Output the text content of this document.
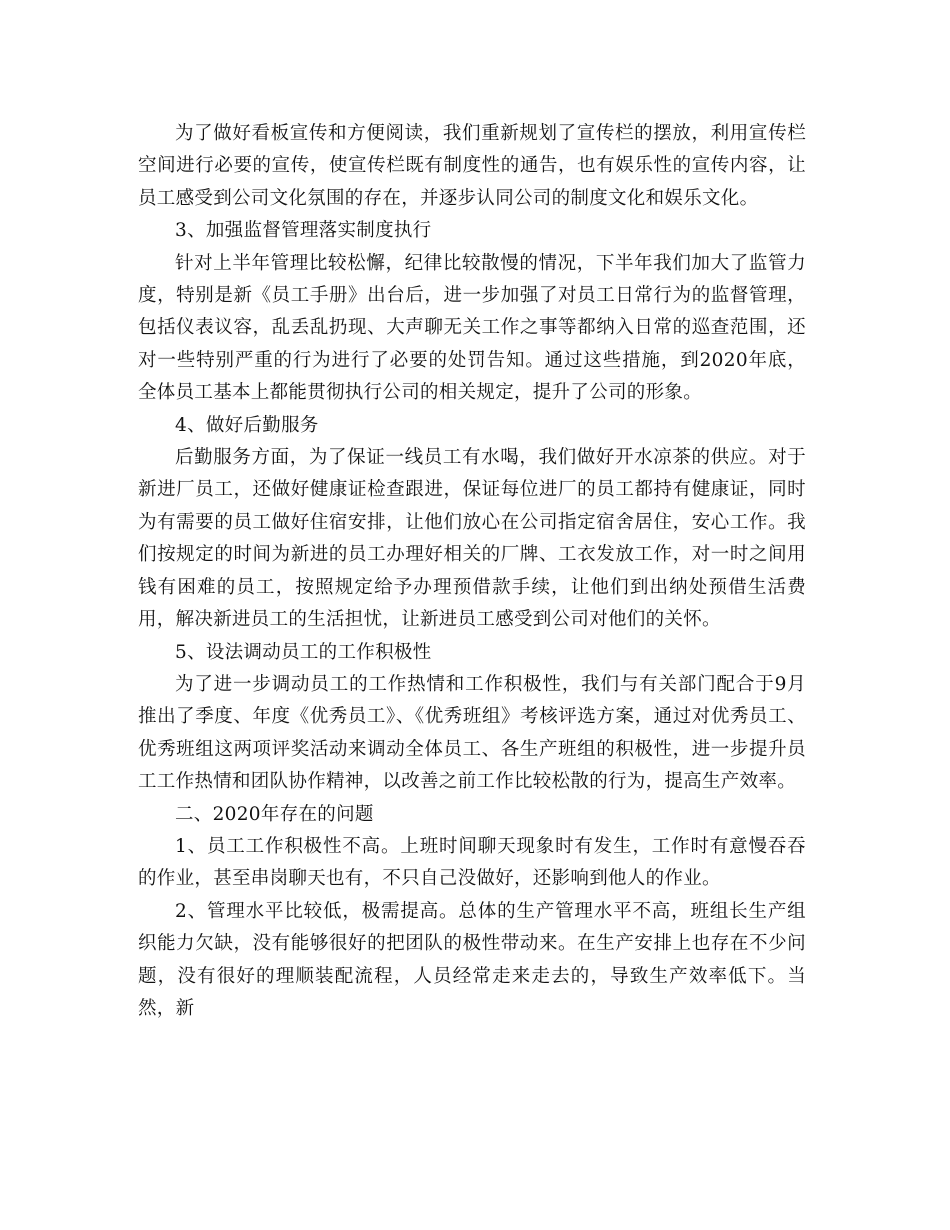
为了做好看板宣传和方便阅读，我们重新规划了宣传栏的摆放，利用宣传栏空间进行必要的宣传，使宣传栏既有制度性的通告，也有娱乐性的宣传内容，让员工感受到公司文化氛围的存在，并逐步认同公司的制度文化和娱乐文化。

3、加强监督管理落实制度执行

针对上半年管理比较松懈，纪律比较散慢的情况，下半年我们加大了监管力度，特别是新《员工手册》出台后，进一步加强了对员工日常行为的监督管理，包括仪表议容，乱丢乱扔现、大声聊无关工作之事等都纳入日常的巡查范围，还对一些特别严重的行为进行了必要的处罚告知。通过这些措施，到2020年底，全体员工基本上都能贯彻执行公司的相关规定，提升了公司的形象。

4、做好后勤服务

后勤服务方面，为了保证一线员工有水喝，我们做好开水凉茶的供应。对于新进厂员工，还做好健康证检查跟进，保证每位进厂的员工都持有健康证，同时为有需要的员工做好住宿安排，让他们放心在公司指定宿舍居住，安心工作。我们按规定的时间为新进的员工办理好相关的厂牌、工衣发放工作，对一时之间用钱有困难的员工，按照规定给予办理预借款手续，让他们到出纳处预借生活费用，解决新进员工的生活担忧，让新进员工感受到公司对他们的关怀。

5、设法调动员工的工作积极性

为了进一步调动员工的工作热情和工作积极性，我们与有关部门配合于9月推出了季度、年度《优秀员工》、《优秀班组》考核评选方案，通过对优秀员工、优秀班组这两项评奖活动来调动全体员工、各生产班组的积极性，进一步提升员工工作热情和团队协作精神，以改善之前工作比较松散的行为，提高生产效率。

二、2020年存在的问题

1、员工工作积极性不高。上班时间聊天现象时有发生，工作时有意慢吞吞的作业，甚至串岗聊天也有，不只自己没做好，还影响到他人的作业。

2、管理水平比较低，极需提高。总体的生产管理水平不高，班组长生产组织能力欠缺，没有能够很好的把团队的极性带动来。在生产安排上也存在不少问题，没有很好的理顺装配流程，人员经常走来走去的，导致生产效率低下。当然，新
